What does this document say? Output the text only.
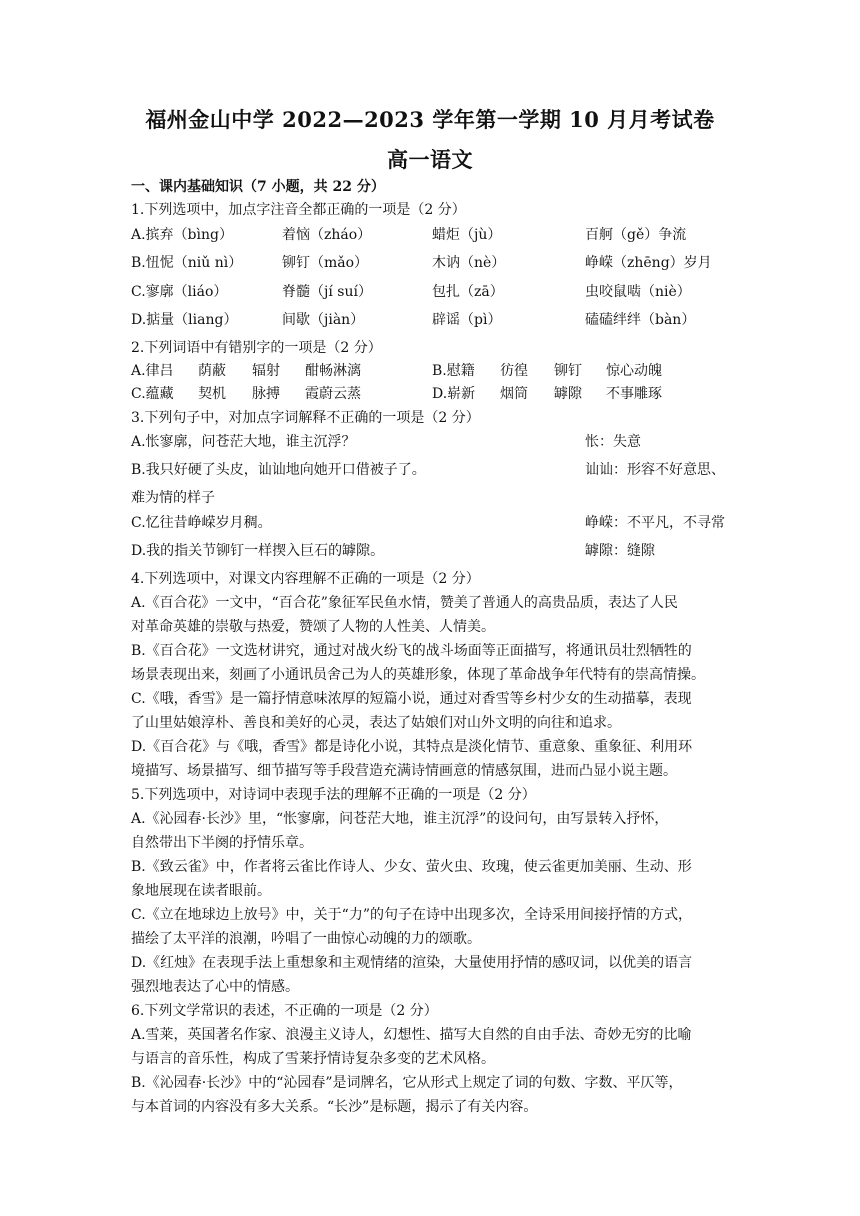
福州金山中学 2022—2023 学年第一学期 10 月月考试卷
高一语文
一、课内基础知识（7 小题，共 22 分）
1.下列选项中，加点字注音全都正确的一项是（2 分）
A.摈弃（bìng）	着恼（zháo）	蜡炬（jù）	百舸（gě）争流
B.忸怩（niǔ nì）	铆钉（mǎo）	木讷（nè）	峥嵘（zhēng）岁月
C.寥廓（liáo）	脊髓（jí suí）	包扎（zā）	虫咬鼠啮（niè）
D.掂量（liang）	间歇（jiàn）	辟谣（pì）	磕磕绊绊（bàn）
2.下列词语中有错别字的一项是（2 分）
A.律吕 荫蔽 辐射 酣畅淋漓	B.慰籍 彷徨 铆钉 惊心动魄
C.蕴藏 契机 脉搏 霞蔚云蒸	D.崭新 烟筒 罅隙 不事雕琢
3.下列句子中，对加点字词解释不正确的一项是（2 分）
A.怅寥廓，问苍茫大地，谁主沉浮？	怅：失意
B.我只好硬了头皮，讪讪地向她开口借被子了。	讪讪：形容不好意思、
难为情的样子
C.忆往昔峥嵘岁月稠。	峥嵘：不平凡，不寻常
D.我的指关节铆钉一样揳入巨石的罅隙。	罅隙：缝隙
4.下列选项中，对课文内容理解不正确的一项是（2 分）
A.《百合花》一文中，“百合花”象征军民鱼水情，赞美了普通人的高贵品质，表达了人民
对革命英雄的崇敬与热爱，赞颂了人物的人性美、人情美。
B.《百合花》一文选材讲究，通过对战火纷飞的战斗场面等正面描写，将通讯员壮烈牺牲的
场景表现出来，刻画了小通讯员舍己为人的英雄形象，体现了革命战争年代特有的崇高情操。
C.《哦，香雪》是一篇抒情意味浓厚的短篇小说，通过对香雪等乡村少女的生动描摹，表现
了山里姑娘淳朴、善良和美好的心灵，表达了姑娘们对山外文明的向往和追求。
D.《百合花》与《哦，香雪》都是诗化小说，其特点是淡化情节、重意象、重象征、利用环
境描写、场景描写、细节描写等手段营造充满诗情画意的情感氛围，进而凸显小说主题。
5.下列选项中，对诗词中表现手法的理解不正确的一项是（2 分）
A.《沁园春·长沙》里，“怅寥廓，问苍茫大地，谁主沉浮”的设问句，由写景转入抒怀，
自然带出下半阕的抒情乐章。
B.《致云雀》中，作者将云雀比作诗人、少女、萤火虫、玫瑰，使云雀更加美丽、生动、形
象地展现在读者眼前。
C.《立在地球边上放号》中，关于“力”的句子在诗中出现多次，全诗采用间接抒情的方式，
描绘了太平洋的浪潮，吟唱了一曲惊心动魄的力的颂歌。
D.《红烛》在表现手法上重想象和主观情绪的渲染，大量使用抒情的感叹词，以优美的语言
强烈地表达了心中的情感。
6.下列文学常识的表述，不正确的一项是（2 分）
A.雪莱，英国著名作家、浪漫主义诗人，幻想性、描写大自然的自由手法、奇妙无穷的比喻
与语言的音乐性，构成了雪莱抒情诗复杂多变的艺术风格。
B.《沁园春·长沙》中的“沁园春”是词牌名，它从形式上规定了词的句数、字数、平仄等，
与本首词的内容没有多大关系。“长沙”是标题，揭示了有关内容。
